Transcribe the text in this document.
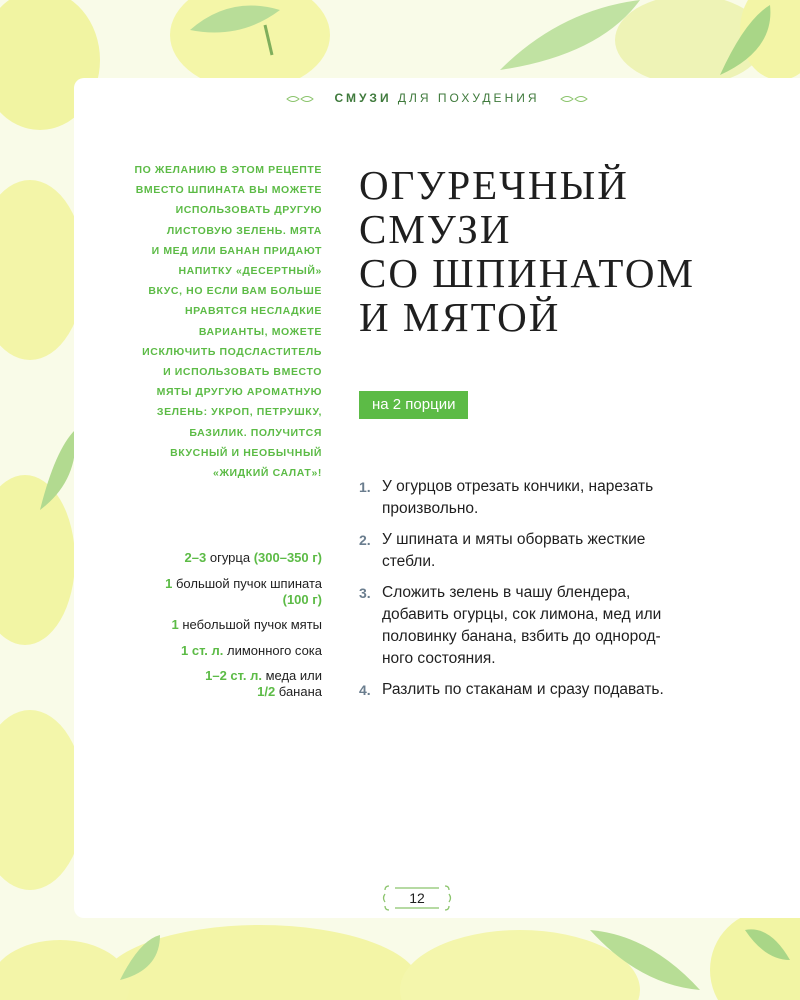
СМУЗИ ДЛЯ ПОХУДЕНИЯ
ПО ЖЕЛАНИЮ В ЭТОМ РЕЦЕПТЕ
ВМЕСТО ШПИНАТА ВЫ МОЖЕТЕ
ИСПОЛЬЗОВАТЬ ДРУГУЮ
ЛИСТОВУЮ ЗЕЛЕНЬ. МЯТА
И МЕД ИЛИ БАНАН ПРИДАЮТ
НАПИТКУ «ДЕСЕРТНЫЙ»
ВКУС, НО ЕСЛИ ВАМ БОЛЬШЕ
НРАВЯТСЯ НЕСЛАДКИЕ
ВАРИАНТЫ, МОЖЕТЕ
ИСКЛЮЧИТЬ ПОДСЛАСТИТЕЛЬ
И ИСПОЛЬЗОВАТЬ ВМЕСТО
МЯТЫ ДРУГУЮ АРОМАТНУЮ
ЗЕЛЕНЬ: УКРОП, ПЕТРУШКУ,
БАЗИЛИК. ПОЛУЧИТСЯ
ВКУСНЫЙ И НЕОБЫЧНЫЙ
«ЖИДКИЙ САЛАТ»!
ОГУРЕЧНЫЙ
СМУЗИ
СО ШПИНАТОМ
И МЯТОЙ
на 2 порции
2–3 огурца (300–350 г)
1 большой пучок шпината
(100 г)
1 небольшой пучок мяты
1 ст. л. лимонного сока
1–2 ст. л. меда или
1/2 банана
1. У огурцов отрезать кончики, нарезать
произвольно.
2. У шпината и мяты оборвать жесткие
стебли.
3. Сложить зелень в чашу блендера,
добавить огурцы, сок лимона, мед или
половинку банана, взбить до однород-
ного состояния.
4. Разлить по стаканам и сразу подавать.
12
